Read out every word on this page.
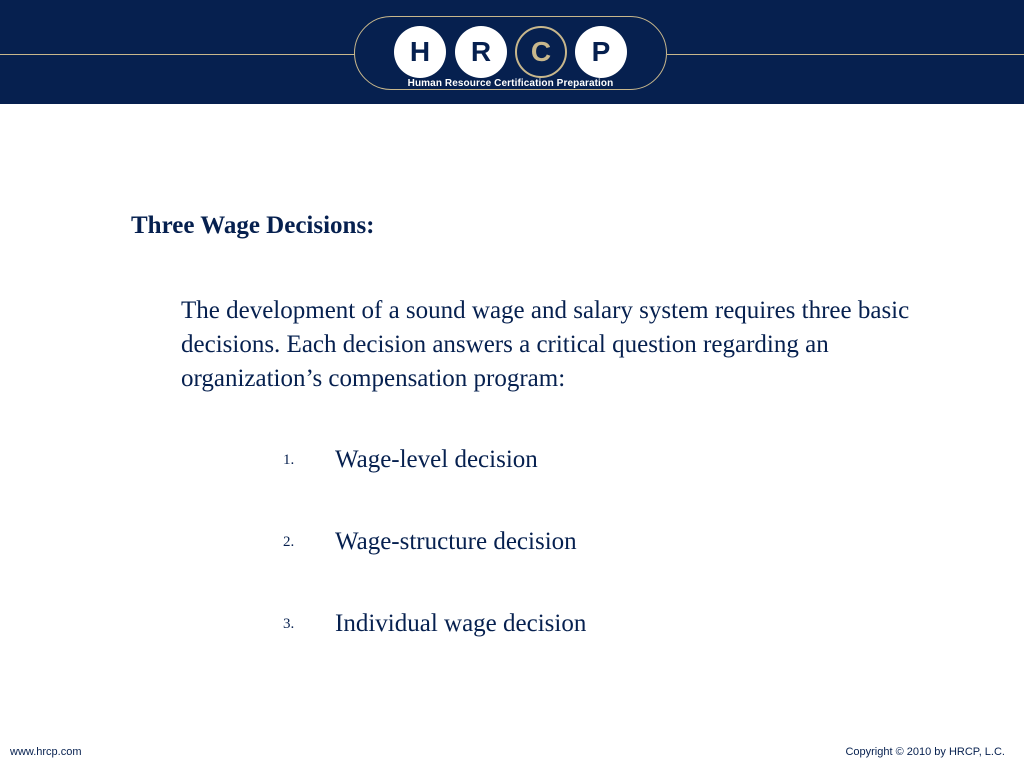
H	R	C	P
Human Resource Certification Preparation
Three Wage Decisions:

The development of a sound wage and salary system requires three basic decisions. Each decision answers a critical question regarding an organization’s compensation program:

1. Wage-level decision
2. Wage-structure decision
3. Individual wage decision
www.hrcp.com	Copyright © 2010 by HRCP, L.C.
